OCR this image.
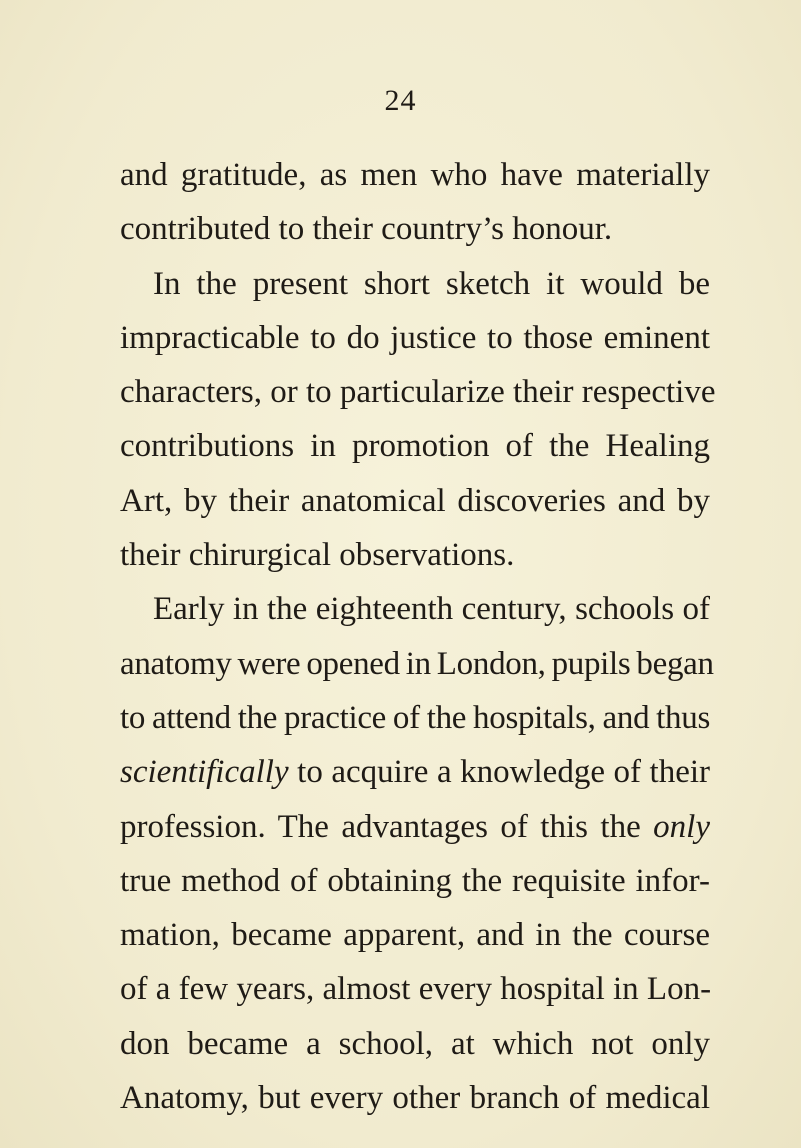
24
and gratitude, as men who have materially
contributed to their country’s honour.
In the present short sketch it would be
impracticable to do justice to those eminent
characters, or to particularize their respective
contributions in promotion of the Healing
Art, by their anatomical discoveries and by
their chirurgical observations.
Early in the eighteenth century, schools of
anatomy were opened in London, pupils began
to attend the practice of the hospitals, and thus
scientifically to acquire a knowledge of their
profession. The advantages of this the only
true method of obtaining the requisite infor-
mation, became apparent, and in the course
of a few years, almost every hospital in Lon-
don became a school, at which not only
Anatomy, but every other branch of medical
